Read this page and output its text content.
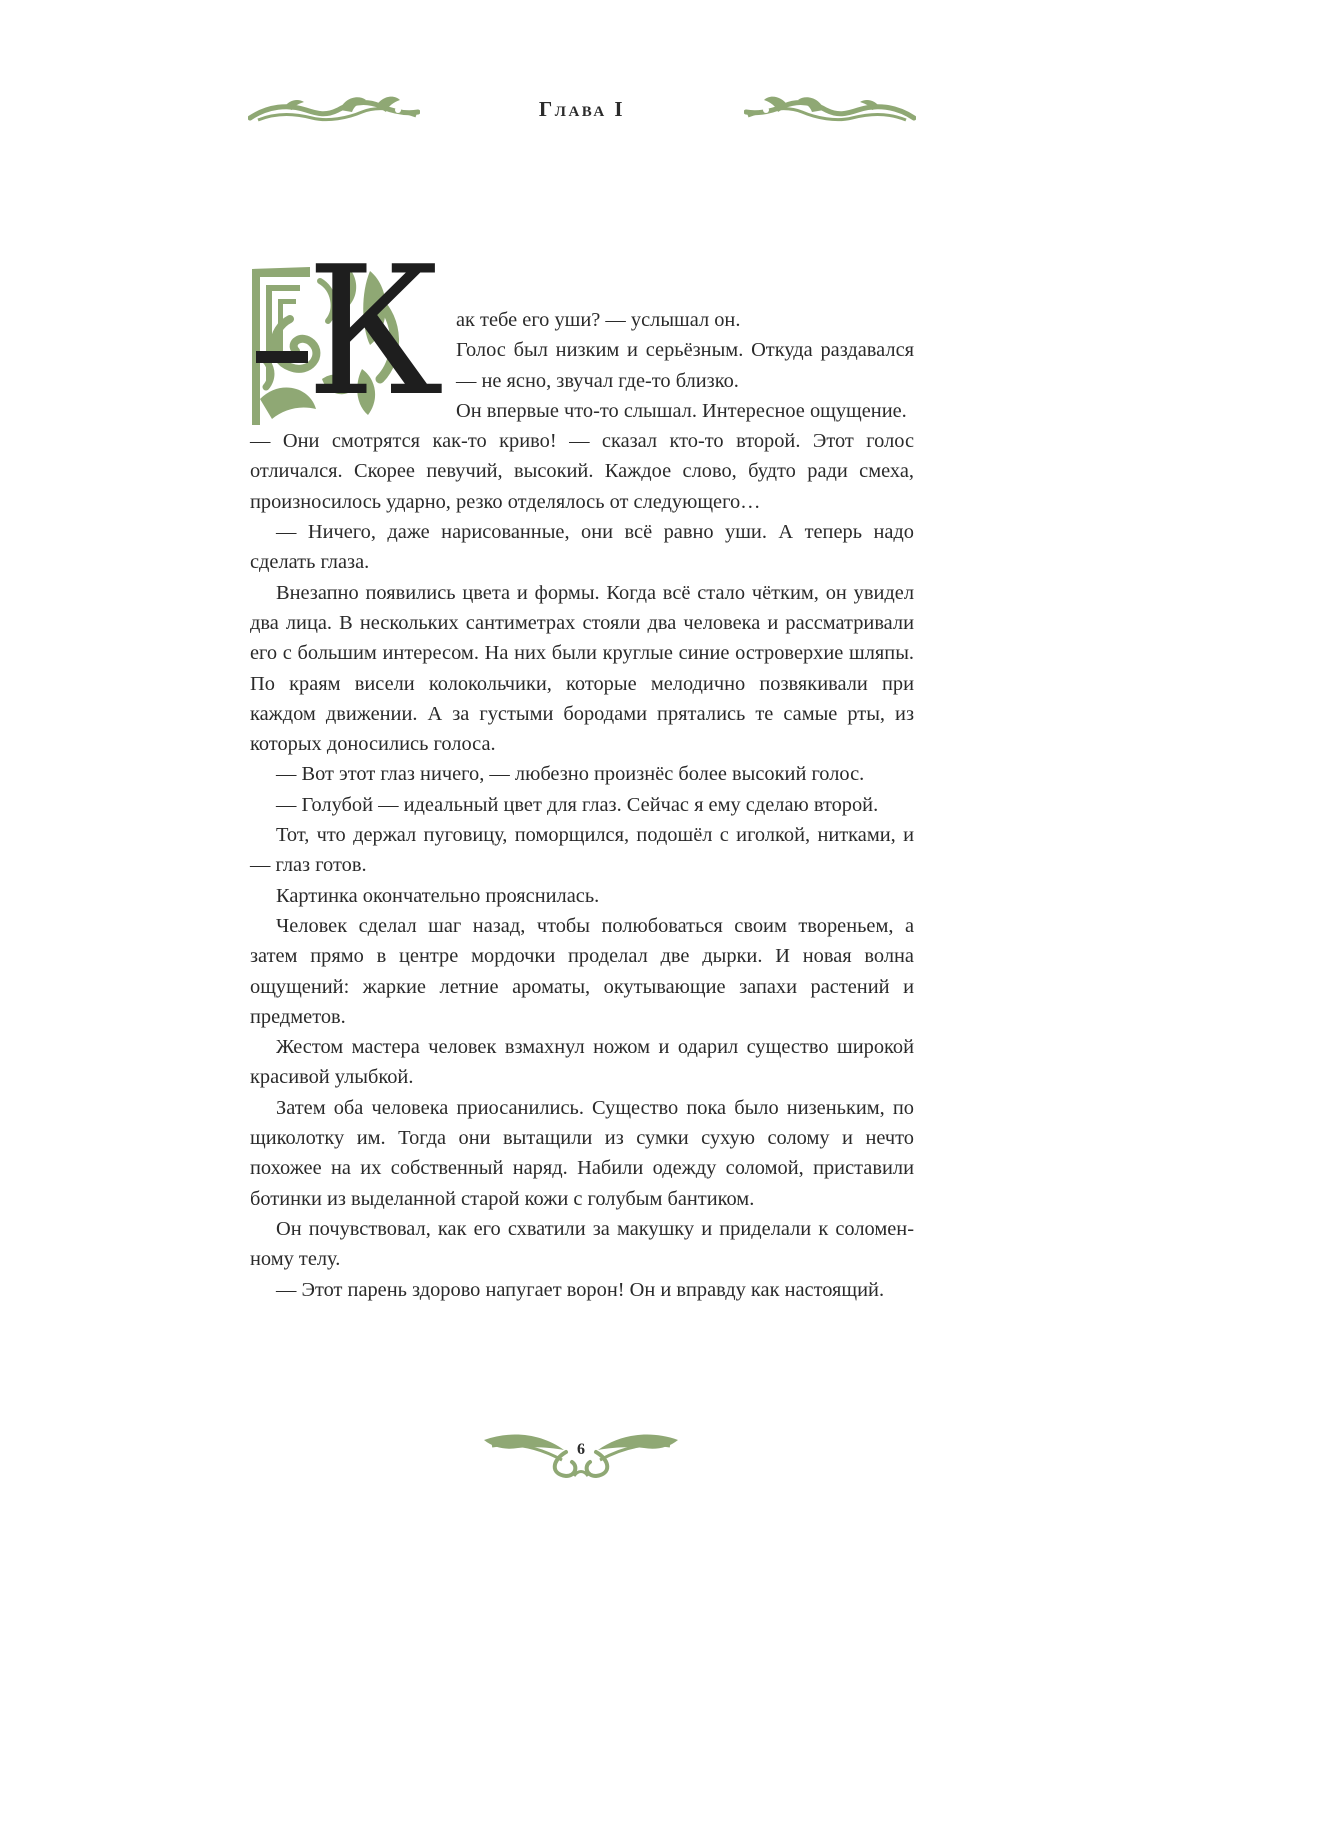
Глава I
К ак тебе его уши? — услышал он.

Голос был низким и серьёзным. Откуда раздавался — не ясно, звучал где-то близко.

Он впервые что-то слышал. Интересное ощущение.

— Они смотрятся как-то криво! — сказал кто-то второй. Этот голос отличался. Скорее певучий, высокий. Каждое слово, будто ради смеха, произносилось ударно, резко отделялось от следующего…

— Ничего, даже нарисованные, они всё равно уши. А теперь надо сделать глаза.

Внезапно появились цвета и формы. Когда всё стало чётким, он увидел два лица. В нескольких сантиметрах стояли два человека и рассматривали его с большим интересом. На них были круглые синие островерхие шляпы. По краям висели колокольчики, которые мелодично позвякивали при каждом движении. А за густыми бородами прятались те самые рты, из которых доносились голоса.

— Вот этот глаз ничего, — любезно произнёс более высокий голос.

— Голубой — идеальный цвет для глаз. Сейчас я ему сделаю второй.

Тот, что держал пуговицу, поморщился, подошёл с иголкой, нитками, и — глаз готов.

Картинка окончательно прояснилась.

Человек сделал шаг назад, чтобы полюбоваться своим твореньем, а затем прямо в центре мордочки проделал две дырки. И новая волна ощущений: жаркие летние ароматы, окутывающие запахи растений и предметов.

Жестом мастера человек взмахнул ножом и одарил существо широкой красивой улыбкой.

Затем оба человека приосанились. Существо пока было низеньким, по щиколотку им. Тогда они вытащили из сумки сухую солому и нечто похожее на их собственный наряд. Набили одежду соломой, приставили ботинки из выделанной старой кожи с голубым бантиком.

Он почувствовал, как его схватили за макушку и приделали к соломенному телу.

— Этот парень здорово напугает ворон! Он и вправду как настоящий.

6
